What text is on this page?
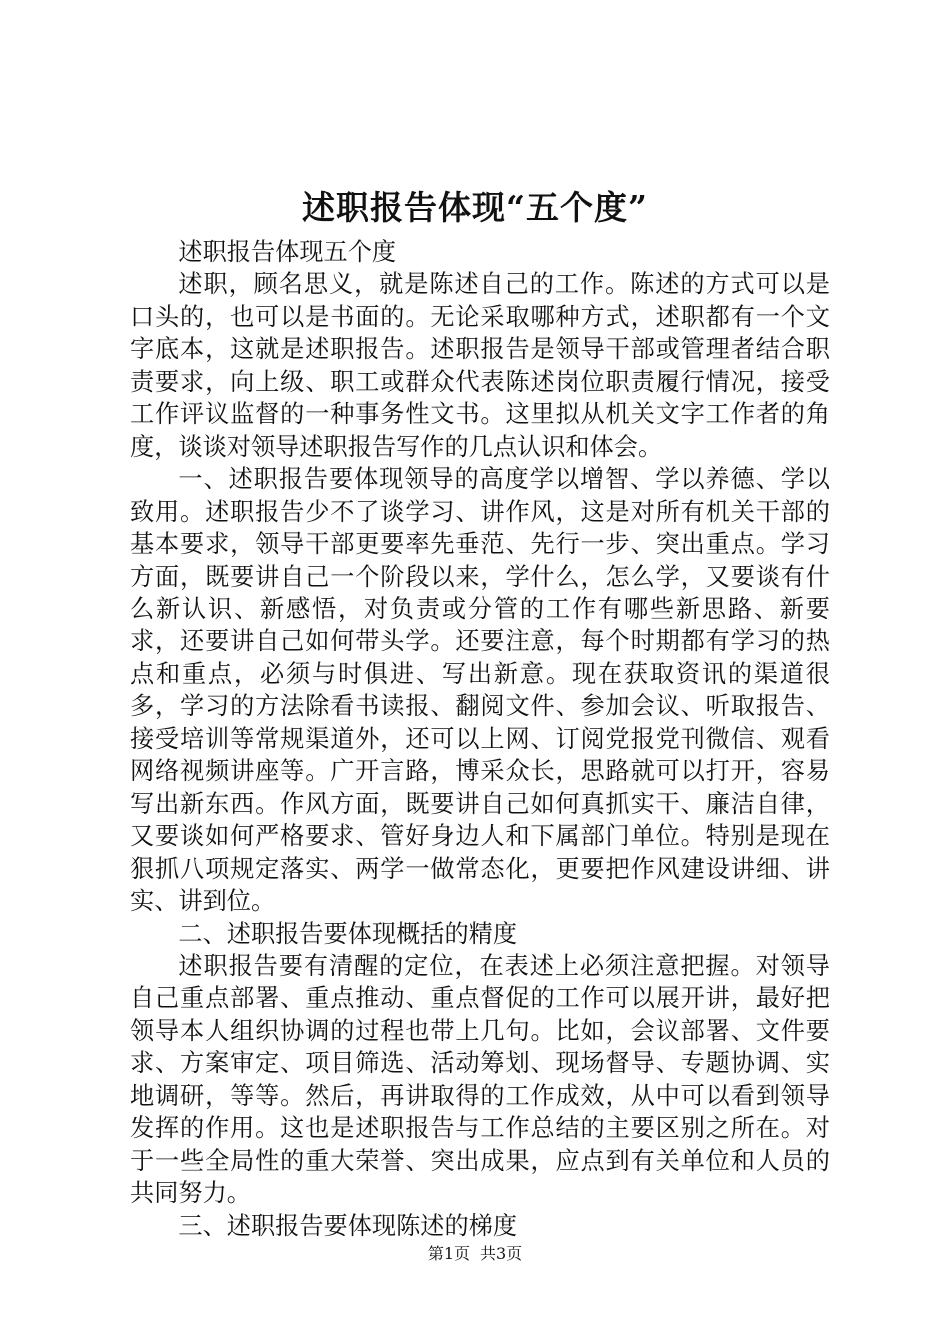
述职报告体现“五个度”

述职报告体现五个度

述职，顾名思义，就是陈述自己的工作。陈述的方式可以是口头的，也可以是书面的。无论采取哪种方式，述职都有一个文字底本，这就是述职报告。述职报告是领导干部或管理者结合职责要求，向上级、职工或群众代表陈述岗位职责履行情况，接受工作评议监督的一种事务性文书。这里拟从机关文字工作者的角度，谈谈对领导述职报告写作的几点认识和体会。

一、述职报告要体现领导的高度学以增智、学以养德、学以致用。述职报告少不了谈学习、讲作风，这是对所有机关干部的基本要求，领导干部更要率先垂范、先行一步、突出重点。学习方面，既要讲自己一个阶段以来，学什么，怎么学，又要谈有什么新认识、新感悟，对负责或分管的工作有哪些新思路、新要求，还要讲自己如何带头学。还要注意，每个时期都有学习的热点和重点，必须与时俱进、写出新意。现在获取资讯的渠道很多，学习的方法除看书读报、翻阅文件、参加会议、听取报告、接受培训等常规渠道外，还可以上网、订阅党报党刊微信、观看网络视频讲座等。广开言路，博采众长，思路就可以打开，容易写出新东西。作风方面，既要讲自己如何真抓实干、廉洁自律，又要谈如何严格要求、管好身边人和下属部门单位。特别是现在狠抓八项规定落实、两学一做常态化，更要把作风建设讲细、讲实、讲到位。

二、述职报告要体现概括的精度

述职报告要有清醒的定位，在表述上必须注意把握。对领导自己重点部署、重点推动、重点督促的工作可以展开讲，最好把领导本人组织协调的过程也带上几句。比如，会议部署、文件要求、方案审定、项目筛选、活动筹划、现场督导、专题协调、实地调研，等等。然后，再讲取得的工作成效，从中可以看到领导发挥的作用。这也是述职报告与工作总结的主要区别之所在。对于一些全局性的重大荣誉、突出成果，应点到有关单位和人员的共同努力。

三、述职报告要体现陈述的梯度

第1页 共3页
